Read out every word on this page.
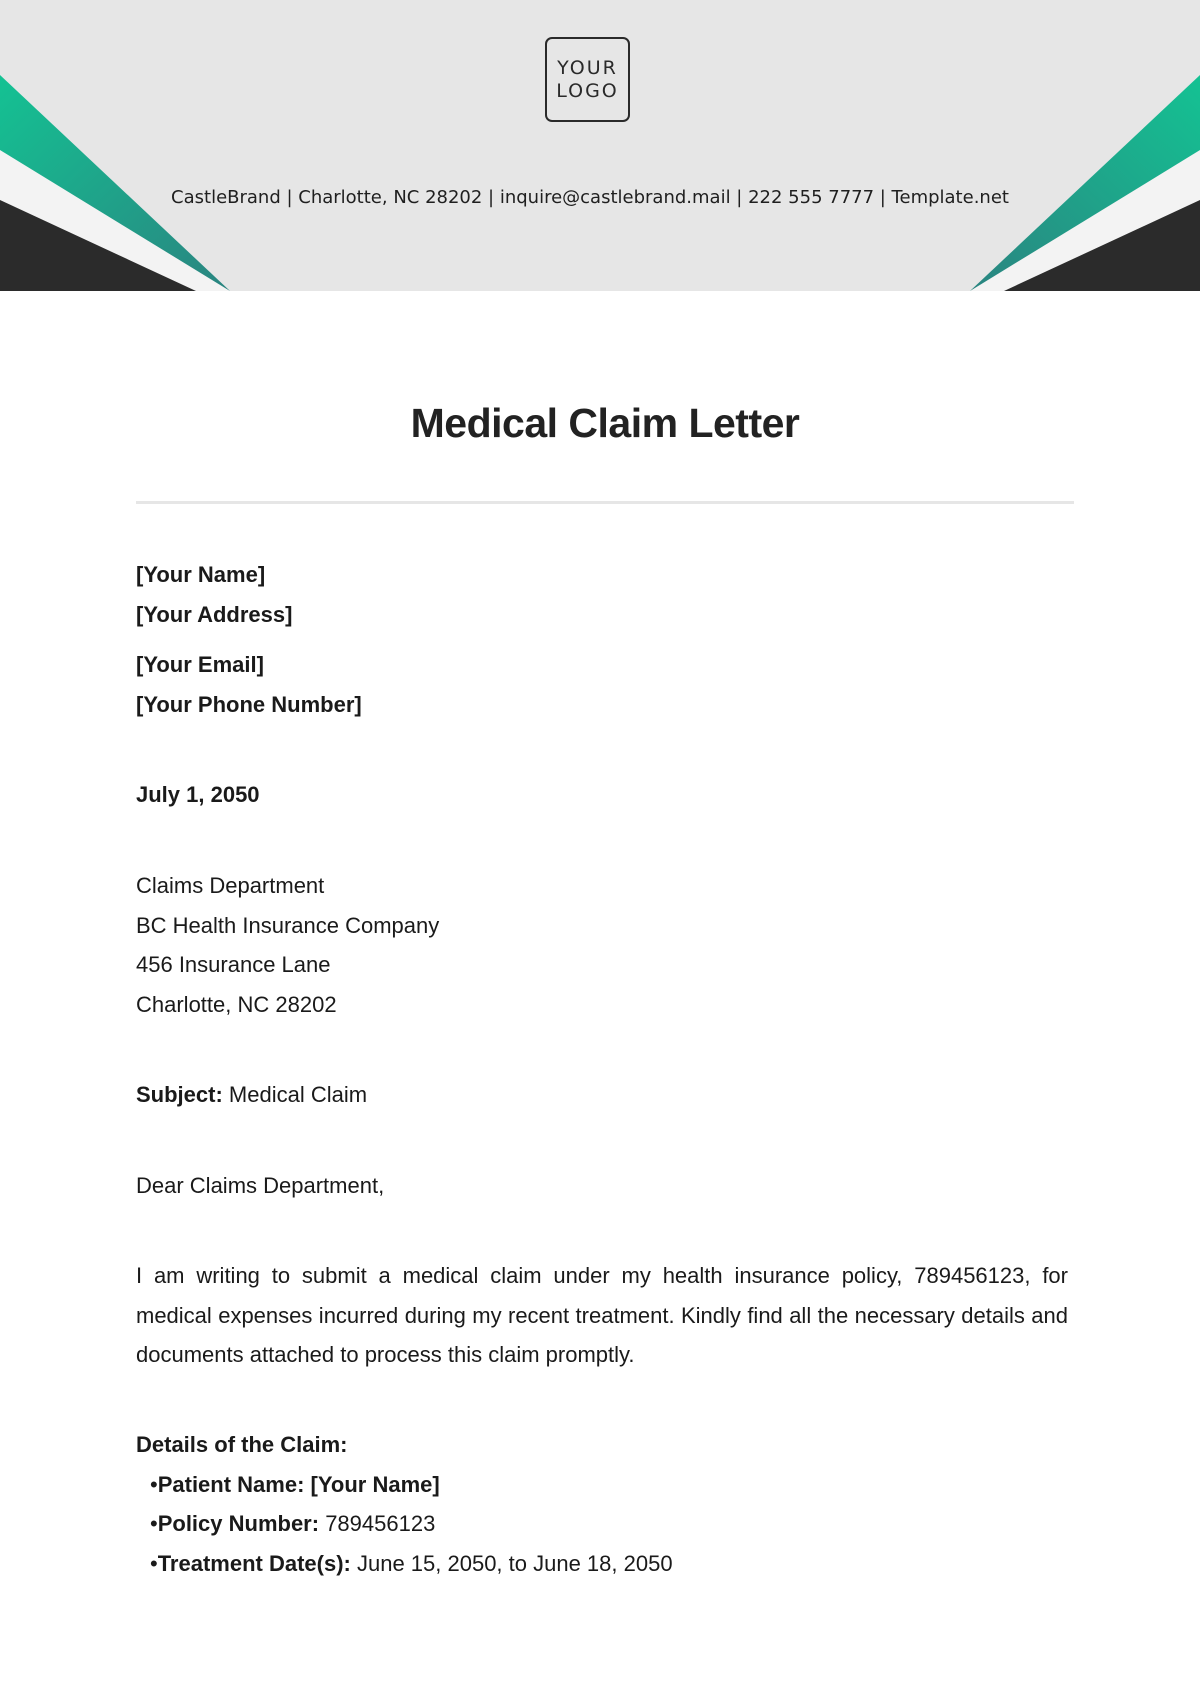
YOUR
LOGO
CastleBrand | Charlotte, NC 28202 | inquire@castlebrand.mail | 222 555 7777 | Template.net
Medical Claim Letter
[Your Name]
[Your Address]
[Your Email]
[Your Phone Number]
July 1, 2050
Claims Department
BC Health Insurance Company
456 Insurance Lane
Charlotte, NC 28202
Subject: Medical Claim
Dear Claims Department,
I am writing to submit a medical claim under my health insurance policy, 789456123, for medical expenses incurred during my recent treatment. Kindly find all the necessary details and documents attached to process this claim promptly.
Details of the Claim:
•Patient Name: [Your Name]
•Policy Number: 789456123
•Treatment Date(s): June 15, 2050, to June 18, 2050
